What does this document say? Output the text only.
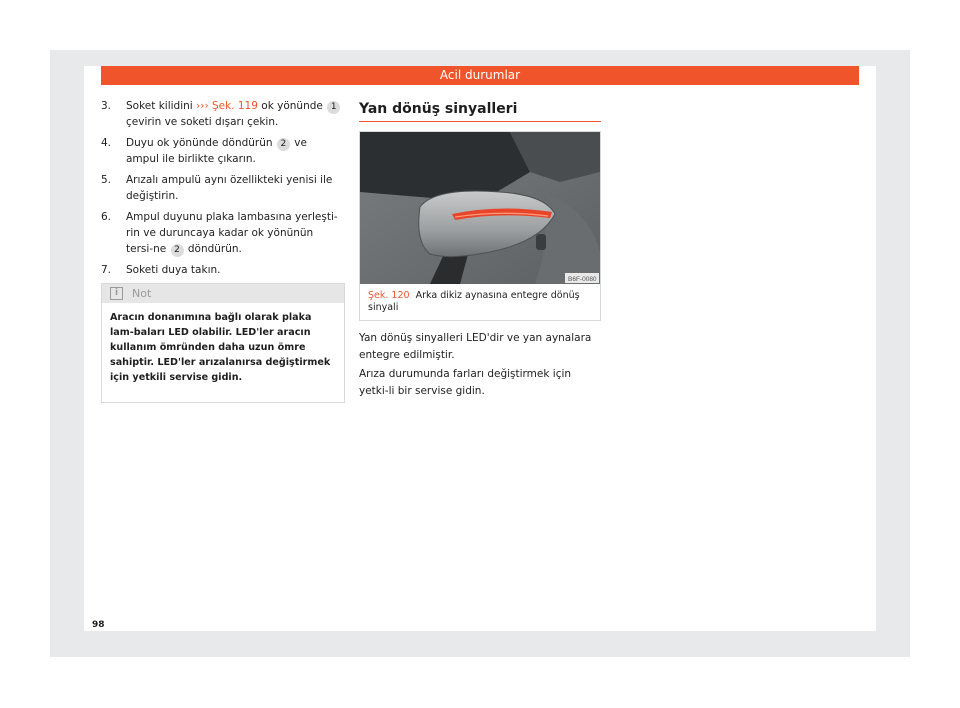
Acil durumlar
3. Soket kilidini ››› Şek. 119 ok yönünde 1 çevirin ve soketi dışarı çekin.
4. Duyu ok yönünde döndürün 2 ve ampul ile birlikte çıkarın.
5. Arızalı ampulü aynı özellikteki yenisi ile değiştirin.
6. Ampul duyunu plaka lambasına yerleşti-rin ve duruncaya kadar ok yönünün tersi-ne 2 döndürün.
7. Soketi duya takın.
i	Not
Aracın donanımına bağlı olarak plaka lam-baları LED olabilir. LED'ler aracın kullanım ömründen daha uzun ömre sahiptir. LED'ler arızalanırsa değiştirmek için yetkili servise gidin.
Yan dönüş sinyalleri
B6F-0080
Şek. 120 Arka dikiz aynasına entegre dönüş sinyali

Yan dönüş sinyalleri LED'dir ve yan aynalara entegre edilmiştir.

Arıza durumunda farları değiştirmek için yetki-li bir servise gidin.

98
